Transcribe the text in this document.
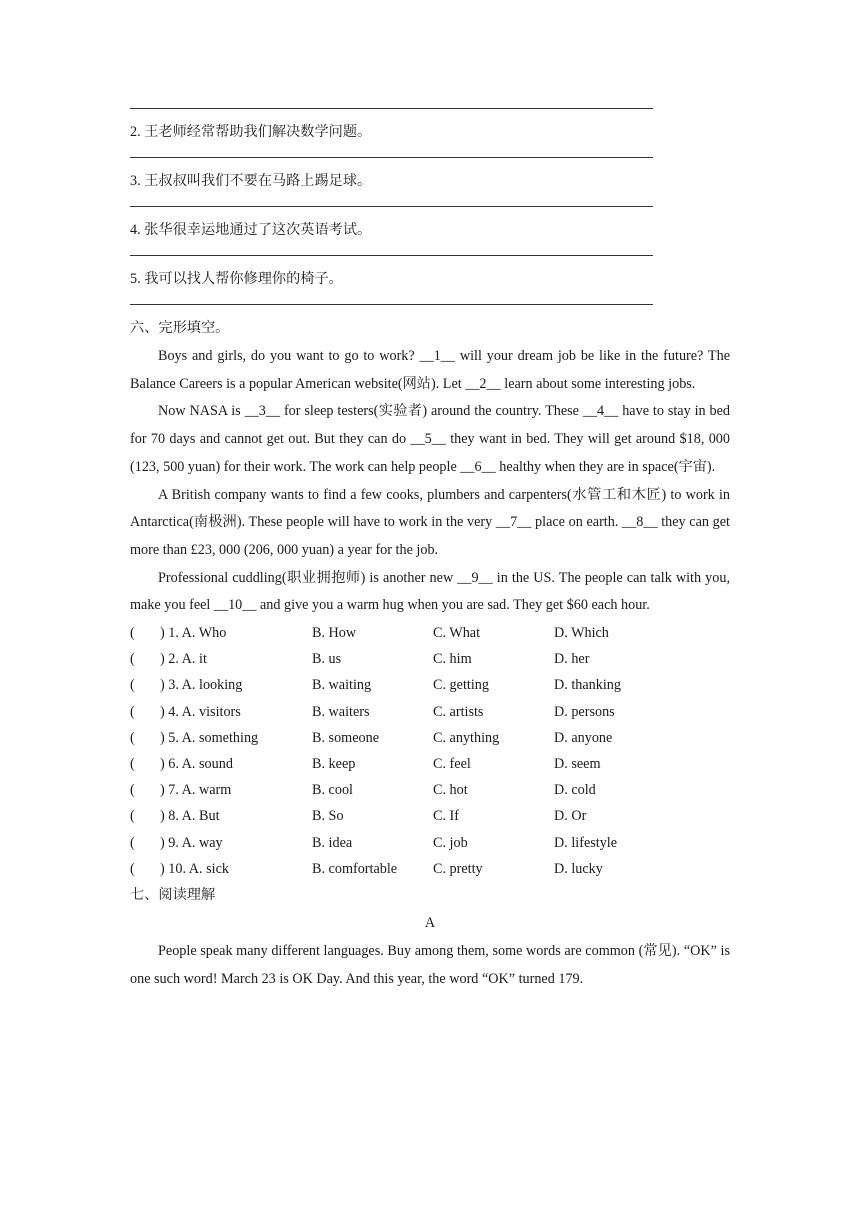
2. 王老师经常帮助我们解决数学问题。
3. 王叔叔叫我们不要在马路上踢足球。
4. 张华很幸运地通过了这次英语考试。
5. 我可以找人帮你修理你的椅子。
六、完形填空。

Boys and girls, do you want to go to work? __1__ will your dream job be like in the future? The Balance Careers is a popular American website(网站). Let __2__ learn about some interesting jobs.

Now NASA is __3__ for sleep testers(实验者) around the country. These __4__ have to stay in bed for 70 days and cannot get out. But they can do __5__ they want in bed. They will get around $18, 000 (123, 500 yuan) for their work. The work can help people __6__ healthy when they are in space(宇宙).

A British company wants to find a few cooks, plumbers and carpenters(水管工和木匠) to work in Antarctica(南极洲). These people will have to work in the very __7__ place on earth. __8__ they can get more than £23, 000 (206, 000 yuan) a year for the job.

Professional cuddling(职业拥抱师) is another new __9__ in the US. The people can talk with you, make you feel __10__ and give you a warm hug when you are sad. They get $60 each hour.

( ) 1. A. Who	B. How	C. What	D. Which
( ) 2. A. it	B. us	C. him	D. her
( ) 3. A. looking	B. waiting	C. getting	D. thanking
( ) 4. A. visitors	B. waiters	C. artists	D. persons
( ) 5. A. something	B. someone	C. anything	D. anyone
( ) 6. A. sound	B. keep	C. feel	D. seem
( ) 7. A. warm	B. cool	C. hot	D. cold
( ) 8. A. But	B. So	C. If	D. Or
( ) 9. A. way	B. idea	C. job	D. lifestyle
( ) 10. A. sick	B. comfortable	C. pretty	D. lucky
七、阅读理解
A

People speak many different languages. Buy among them, some words are common (常见). “OK” is one such word! March 23 is OK Day. And this year, the word “OK” turned 179.
